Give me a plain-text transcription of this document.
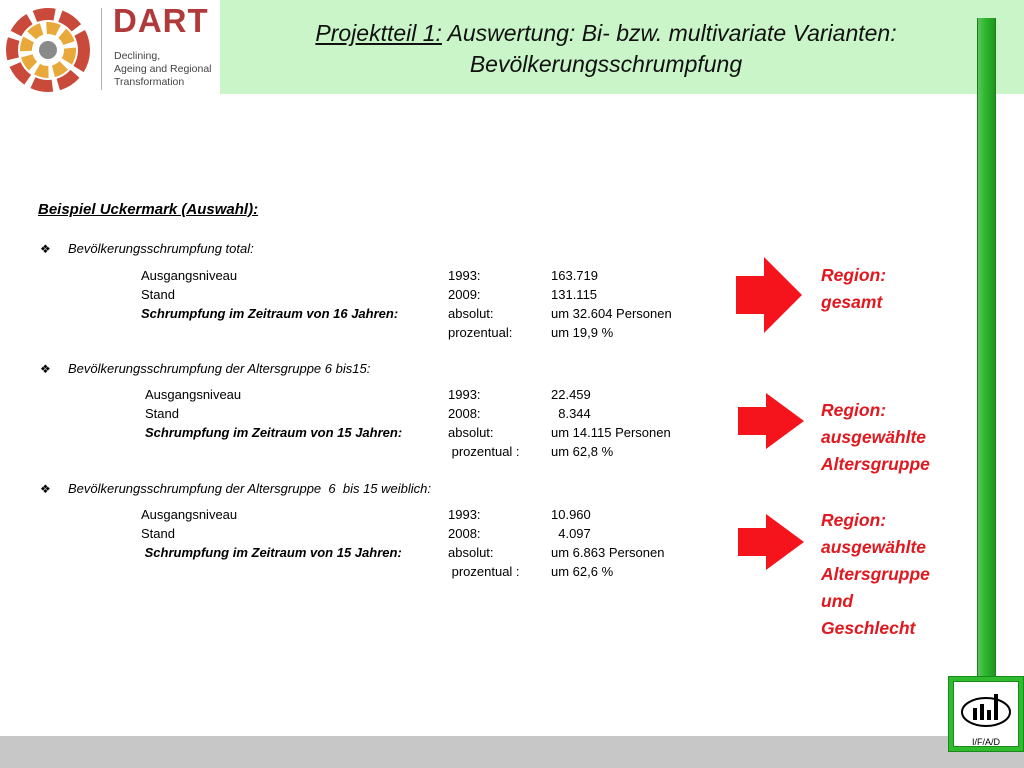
DART
Declining,
Ageing and Regional
Transformation
Projektteil 1: Auswertung: Bi- bzw. multivariate Varianten:
Bevölkerungsschrumpfung
Beispiel Uckermark (Auswahl):
❖ Bevölkerungsschrumpfung total:
Ausgangsniveau	1993:	163.719
Stand	2009:	131.115
Schrumpfung im Zeitraum von 16 Jahren:	absolut:	um 32.604 Personen
prozentual:	um 19,9 %
❖ Bevölkerungsschrumpfung der Altersgruppe 6 bis15:
Ausgangsniveau	1993:	22.459
Stand	2008:	8.344
Schrumpfung im Zeitraum von 15 Jahren:	absolut:	um 14.115 Personen
prozentual : um 62,8 %
❖ Bevölkerungsschrumpfung der Altersgruppe  6  bis 15 weiblich:
Ausgangsniveau	1993:	10.960
Stand	2008:	4.097
Schrumpfung im Zeitraum von 15 Jahren:	absolut:	um 6.863 Personen
prozentual : um 62,6 %
Region:
gesamt
Region:
ausgewählte
Altersgruppe
Region:
ausgewählte
Altersgruppe
und
Geschlecht
I/F/A/D
